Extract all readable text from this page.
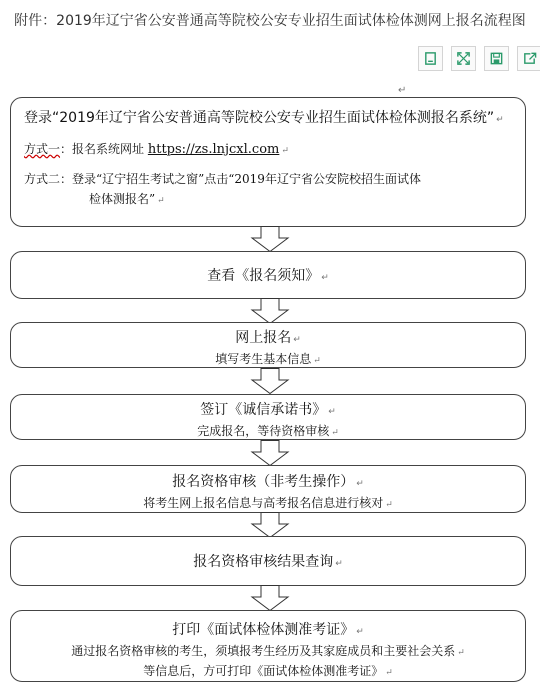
附件：2019年辽宁省公安普通高等院校公安专业招生面试体检体测网上报名流程图
↵
登录“2019年辽宁省公安普通高等院校公安专业招生面试体检体测报名系统” ↵
方式一：报名系统网址 https://zs.lnjcxl.com ↵
方式二：登录“辽宁招生考试之窗”点击“2019年辽宁省公安院校招生面试体
检体测报名” ↵
查看《报名须知》 ↵
网上报名 ↵
填写考生基本信息 ↵
签订《诚信承诺书》 ↵
完成报名，等待资格审核 ↵
报名资格审核（非考生操作） ↵
将考生网上报名信息与高考报名信息进行核对 ↵
报名资格审核结果查询 ↵
打印《面试体检体测准考证》 ↵
通过报名资格审核的考生，须填报考生经历及其家庭成员和主要社会关系 ↵
等信息后，方可打印《面试体检体测准考证》 ↵
